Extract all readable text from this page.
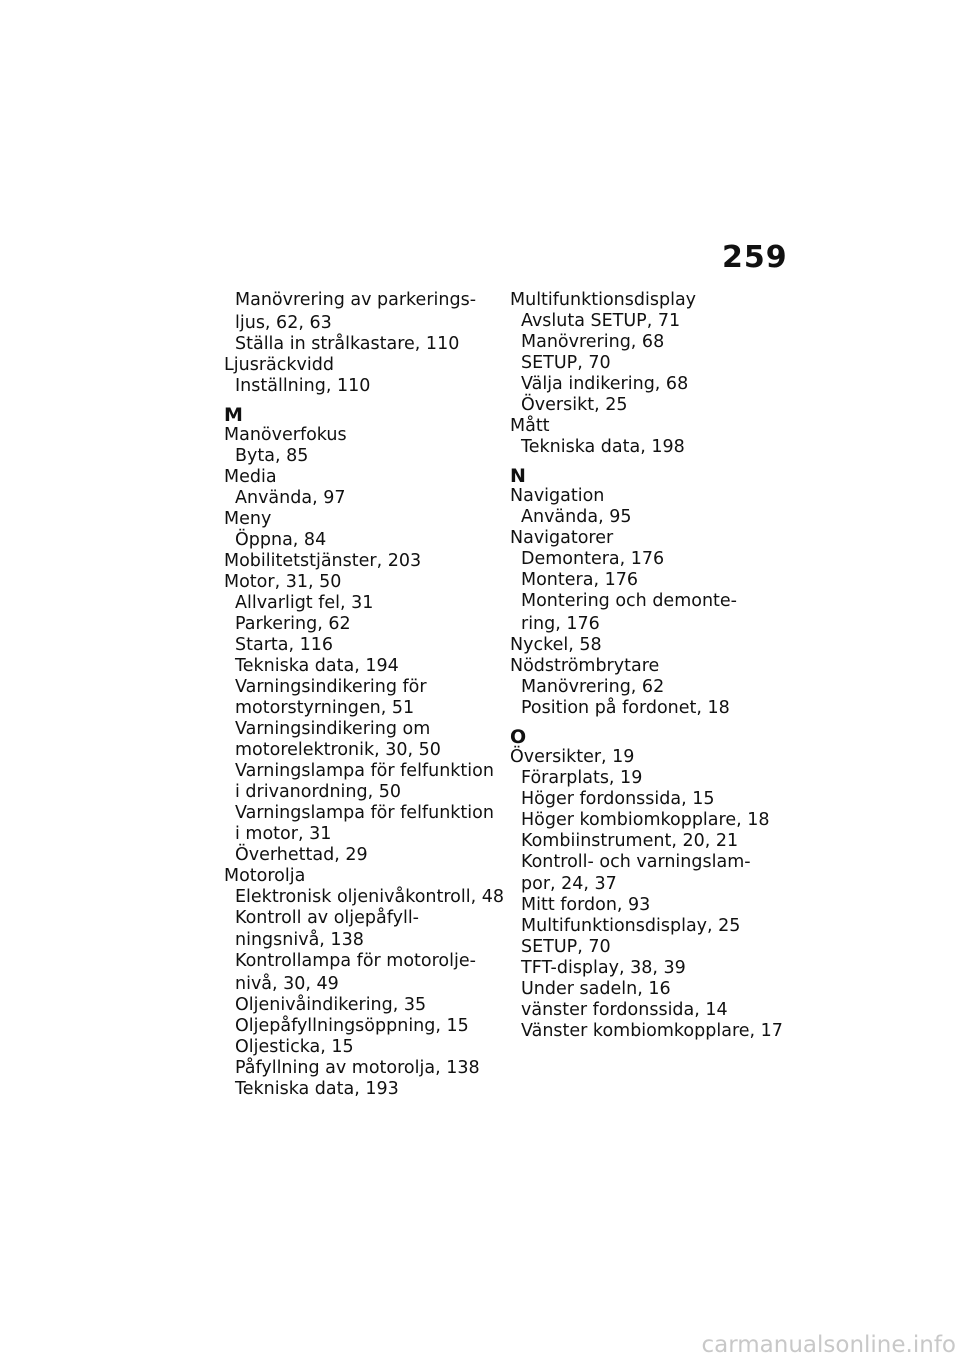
259
Manövrering av parkerings-
ljus, 62, 63
Ställa in strålkastare, 110
Ljusräckvidd
Inställning, 110
M
Manöverfokus
Byta, 85
Media
Använda, 97
Meny
Öppna, 84
Mobilitetstjänster, 203
Motor, 31, 50
Allvarligt fel, 31
Parkering, 62
Starta, 116
Tekniska data, 194
Varningsindikering för
motorstyrningen, 51
Varningsindikering om
motorelektronik, 30, 50
Varningslampa för felfunktion
i drivanordning, 50
Varningslampa för felfunktion
i motor, 31
Överhettad, 29
Motorolja
Elektronisk oljenivåkontroll, 48
Kontroll av oljepåfyll-
ningsnivå, 138
Kontrollampa för motorolje-
nivå, 30, 49
Oljenivåindikering, 35
Oljepåfyllningsöppning, 15
Oljesticka, 15
Påfyllning av motorolja, 138
Tekniska data, 193
Multifunktionsdisplay
Avsluta SETUP, 71
Manövrering, 68
SETUP, 70
Välja indikering, 68
Översikt, 25
Mått
Tekniska data, 198
N
Navigation
Använda, 95
Navigatorer
Demontera, 176
Montera, 176
Montering och demonte-
ring, 176
Nyckel, 58
Nödströmbrytare
Manövrering, 62
Position på fordonet, 18
O
Översikter, 19
Förarplats, 19
Höger fordonssida, 15
Höger kombiomkopplare, 18
Kombiinstrument, 20, 21
Kontroll- och varningslam-
por, 24, 37
Mitt fordon, 93
Multifunktionsdisplay, 25
SETUP, 70
TFT-display, 38, 39
Under sadeln, 16
vänster fordonssida, 14
Vänster kombiomkopplare, 17
carmanualsonline.info
